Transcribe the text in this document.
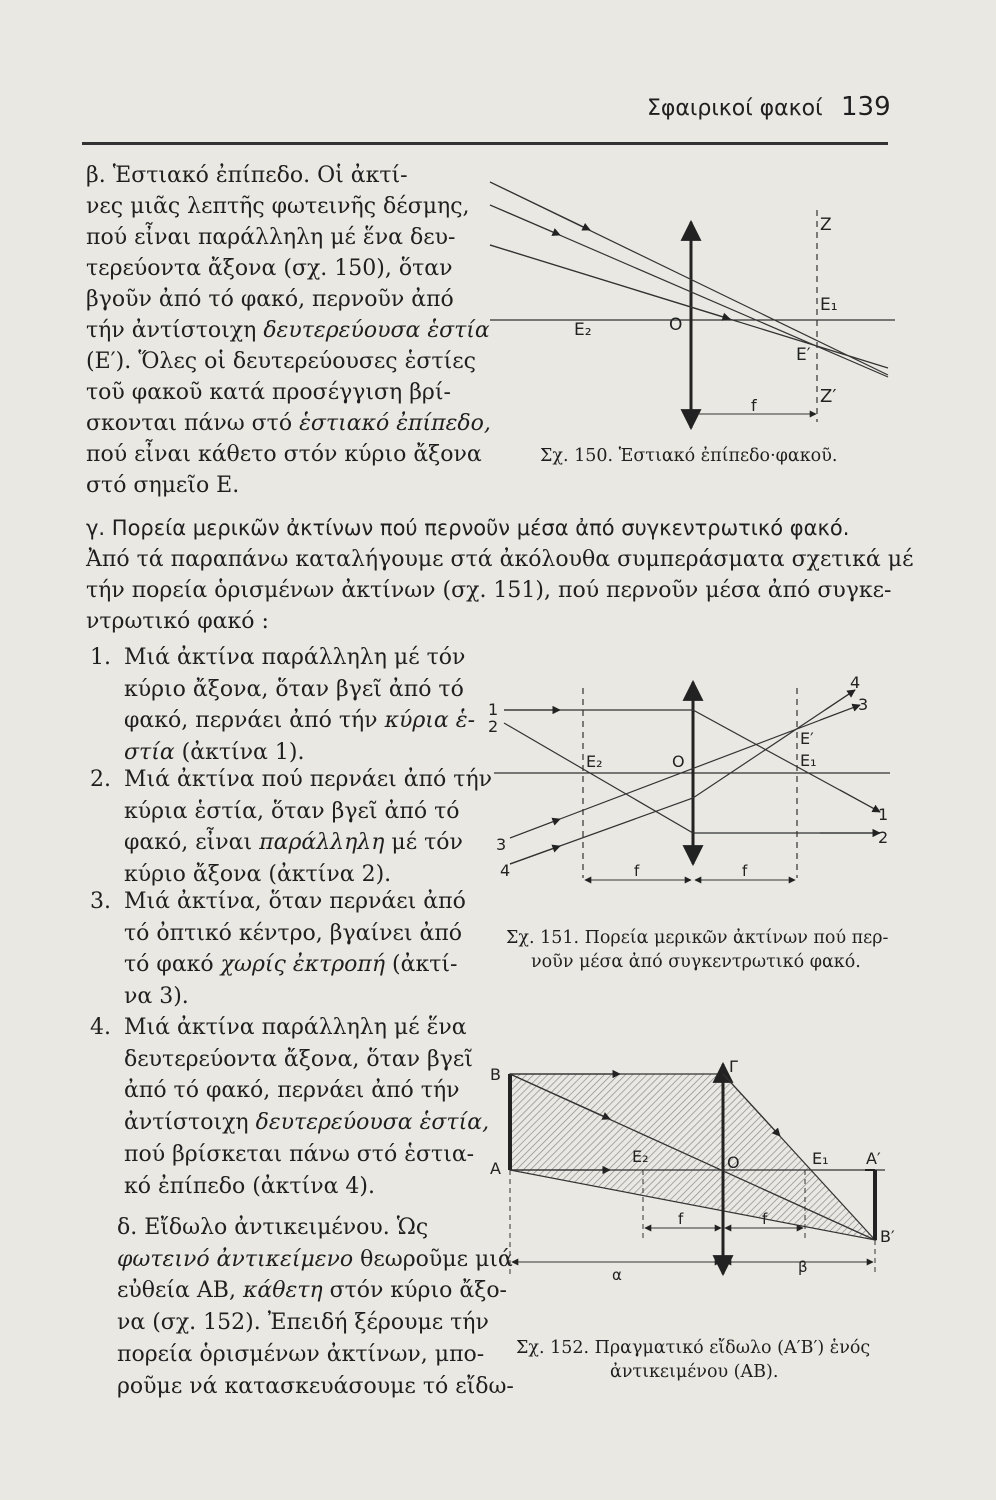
Σφαιρικοί φακοί 139
β. Ἑστιακό ἐπίπεδο. Οἱ ἀκτί-
νες μιᾶς λεπτῆς φωτεινῆς δέσμης,
πού εἶναι παράλληλη μέ ἕνα δευ-
τερεύοντα ἄξονα (σχ. 150), ὅταν
βγοῦν ἀπό τό φακό, περνοῦν ἀπό
τήν ἀντίστοιχη δευτερεύουσα ἑστία
(Ε′). Ὅλες οἱ δευτερεύουσες ἑστίες
τοῦ φακοῦ κατά προσέγγιση βρί-
σκονται πάνω στό ἑστιακό ἐπίπεδο,
πού εἶναι κάθετο στόν κύριο ἄξονα
στό σημεῖο Ε.
Z
E₁
E₂	O
E′
Z′
f
Σχ. 150. Ἑστιακό ἐπίπεδο·φακοῦ.
γ. Πορεία μερικῶν ἀκτίνων πού περνοῦν μέσα ἀπό συγκεντρωτικό φακό.
Ἀπό τά παραπάνω καταλήγουμε στά ἀκόλουθα συμπεράσματα σχετικά μέ
τήν πορεία ὁρισμένων ἀκτίνων (σχ. 151), πού περνοῦν μέσα ἀπό συγκε-
ντρωτικό φακό :
1. Μιά ἀκτίνα παράλληλη μέ τόν
κύριο ἄξονα, ὅταν βγεῖ ἀπό τό
φακό, περνάει ἀπό τήν κύρια ἑ-
στία (ἀκτίνα 1).
2. Μιά ἀκτίνα πού περνάει ἀπό τήν
κύρια ἑστία, ὅταν βγεῖ ἀπό τό
φακό, εἶναι παράλληλη μέ τόν
κύριο ἄξονα (ἀκτίνα 2).
3. Μιά ἀκτίνα, ὅταν περνάει ἀπό
τό ὀπτικό κέντρο, βγαίνει ἀπό
τό φακό χωρίς ἐκτροπή (ἀκτί-
να 3).
4. Μιά ἀκτίνα παράλληλη μέ ἕνα
δευτερεύοντα ἄξονα, ὅταν βγεῖ
ἀπό τό φακό, περνάει ἀπό τήν
ἀντίστοιχη δευτερεύουσα ἑστία,
πού βρίσκεται πάνω στό ἑστια-
κό ἐπίπεδο (ἀκτίνα 4).
1
2
3
4
4
3
1
2
E₂	O
E′
E₁
f	f
Σχ. 151. Πορεία μερικῶν ἀκτίνων πού περ-
νοῦν μέσα ἀπό συγκεντρωτικό φακό.
δ. Εἴδωλο ἀντικειμένου. Ὡς
φωτεινό ἀντικείμενο θεωροῦμε μιά
εὐθεία ΑΒ, κάθετη στόν κύριο ἄξο-
να (σχ. 152). Ἐπειδή ξέρουμε τήν
πορεία ὁρισμένων ἀκτίνων, μπο-
ροῦμε νά κατασκευάσουμε τό εἴδω-
B
A
Γ
E₂	O	E₁ A′
B′
f	f
α	β
Σχ. 152. Πραγματικό εἴδωλο (Α′Β′) ἑνός
ἀντικειμένου (ΑΒ).
